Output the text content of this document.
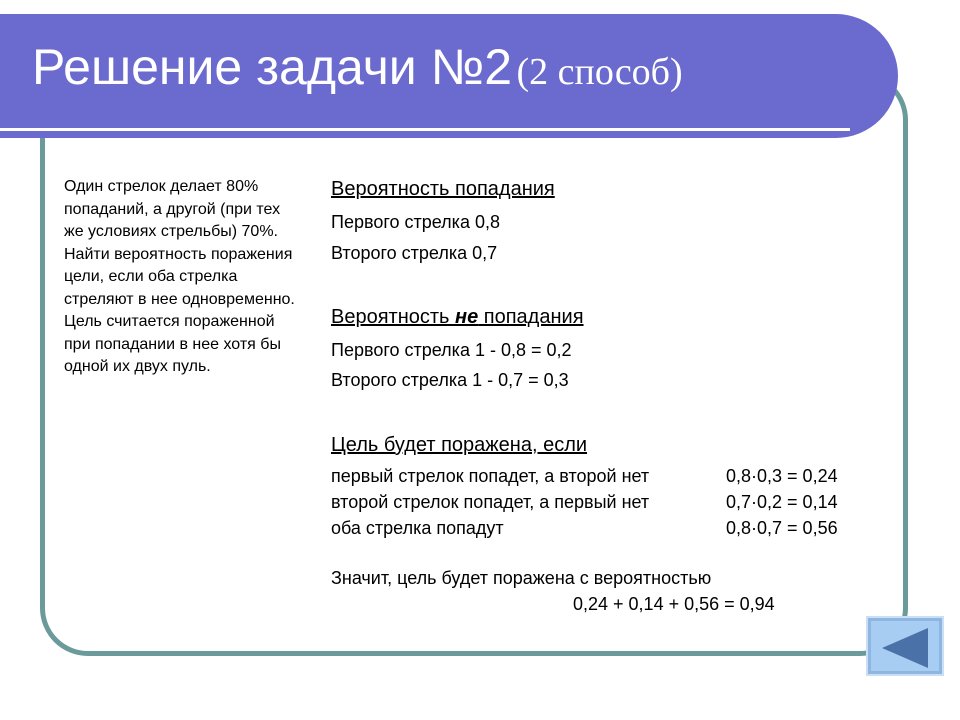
Решение задачи №2 (2 способ)
Один стрелок делает 80% попаданий, а другой (при тех же условиях стрельбы) 70%. Найти вероятность поражения цели, если оба стрелка стреляют в нее одновременно. Цель считается пораженной при попадании в нее хотя бы одной их двух пуль.
Вероятность попадания
Первого стрелка 0,8
Второго стрелка 0,7
Вероятность не попадания
Первого стрелка 1 - 0,8 = 0,2
Второго стрелка 1 - 0,7 = 0,3
Цель будет поражена, если
первый стрелок попадет, а второй нет	0,8·0,3 = 0,24
второй стрелок попадет, а первый нет	0,7·0,2 = 0,14
оба стрелка попадут	0,8·0,7 = 0,56
Значит, цель будет поражена с вероятностью
0,24 + 0,14 + 0,56 = 0,94
